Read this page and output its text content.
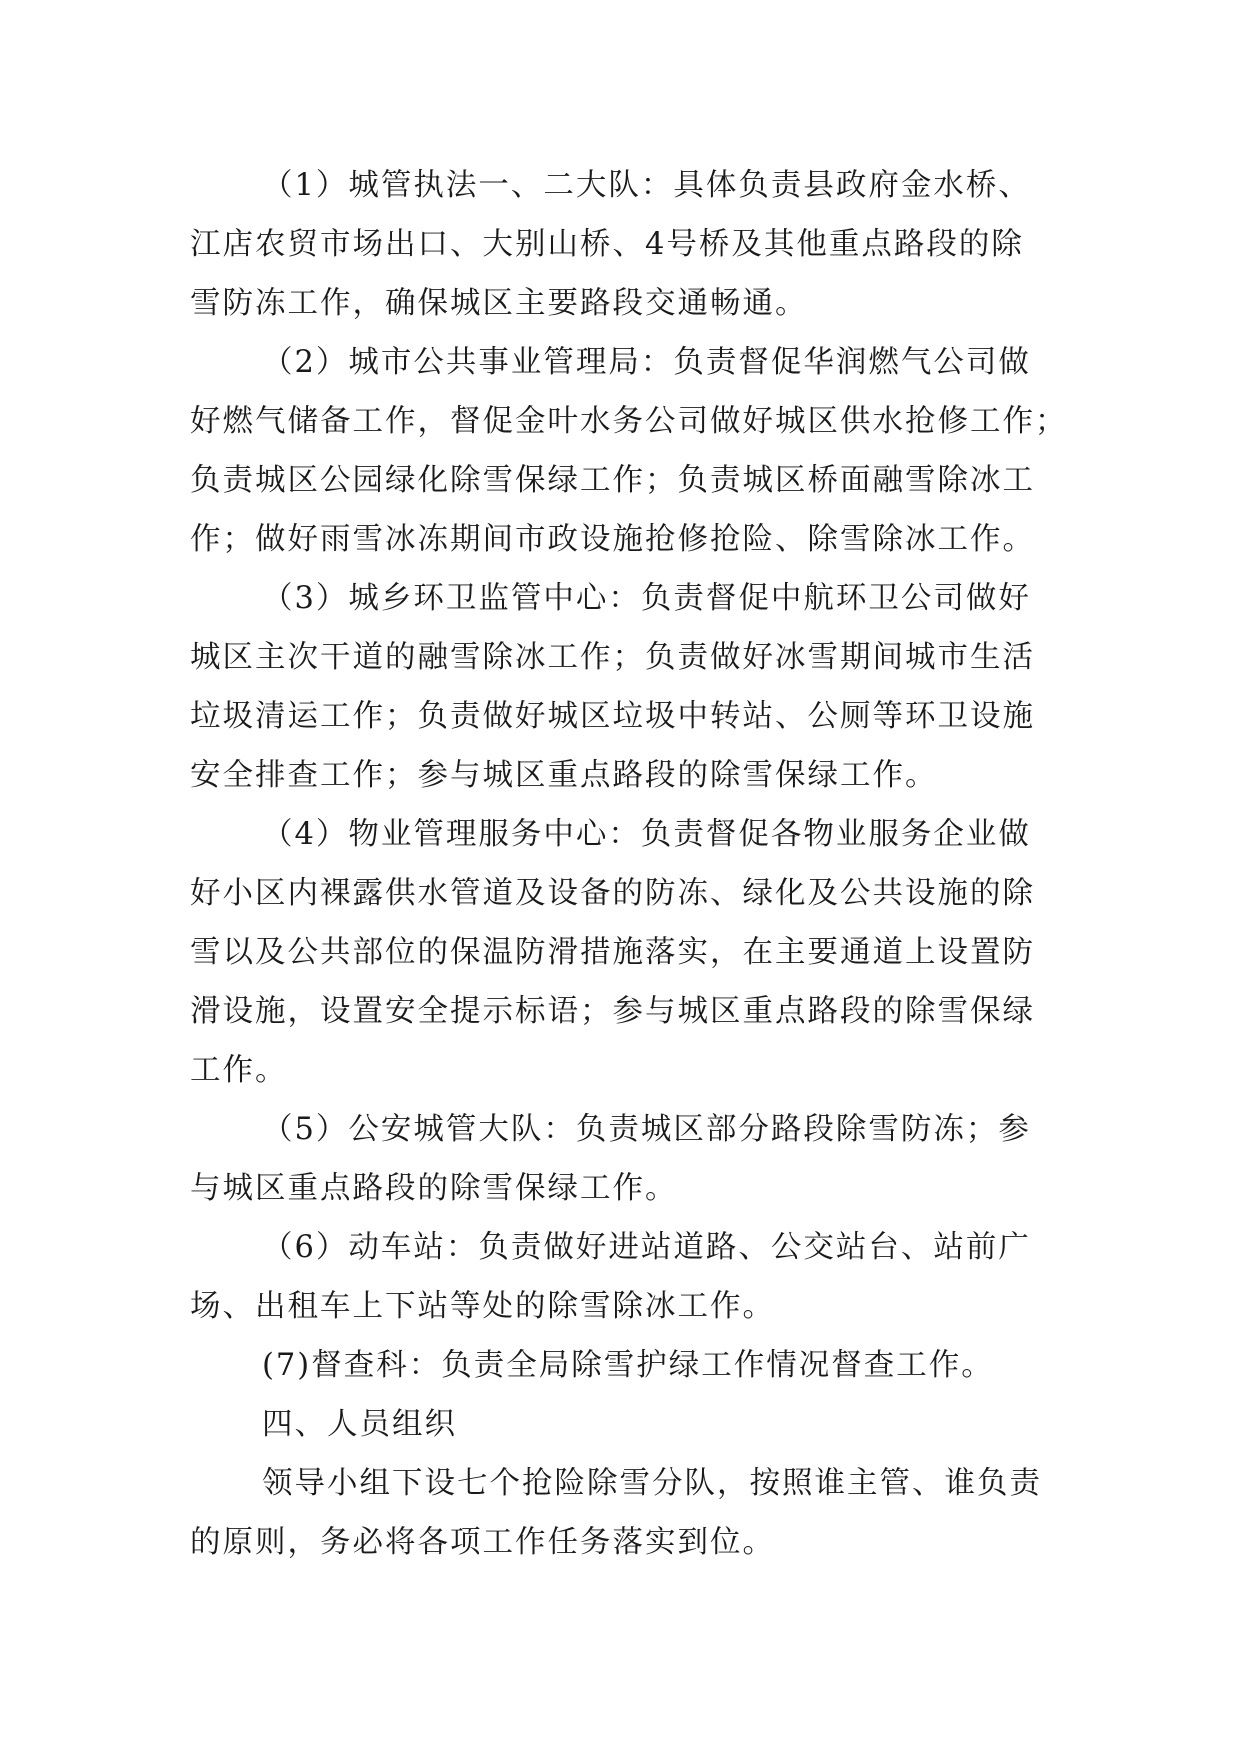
（1）城管执法一、二大队：具体负责县政府金水桥、
江店农贸市场出口、大别山桥、4号桥及其他重点路段的除
雪防冻工作，确保城区主要路段交通畅通。
（2）城市公共事业管理局：负责督促华润燃气公司做
好燃气储备工作，督促金叶水务公司做好城区供水抢修工作；
负责城区公园绿化除雪保绿工作；负责城区桥面融雪除冰工
作；做好雨雪冰冻期间市政设施抢修抢险、除雪除冰工作。
（3）城乡环卫监管中心：负责督促中航环卫公司做好
城区主次干道的融雪除冰工作；负责做好冰雪期间城市生活
垃圾清运工作；负责做好城区垃圾中转站、公厕等环卫设施
安全排查工作；参与城区重点路段的除雪保绿工作。
（4）物业管理服务中心：负责督促各物业服务企业做
好小区内裸露供水管道及设备的防冻、绿化及公共设施的除
雪以及公共部位的保温防滑措施落实，在主要通道上设置防
滑设施，设置安全提示标语；参与城区重点路段的除雪保绿
工作。
（5）公安城管大队：负责城区部分路段除雪防冻；参
与城区重点路段的除雪保绿工作。
（6）动车站：负责做好进站道路、公交站台、站前广
场、出租车上下站等处的除雪除冰工作。
(7)督查科：负责全局除雪护绿工作情况督查工作。
四、人员组织
领导小组下设七个抢险除雪分队，按照谁主管、谁负责
的原则，务必将各项工作任务落实到位。
